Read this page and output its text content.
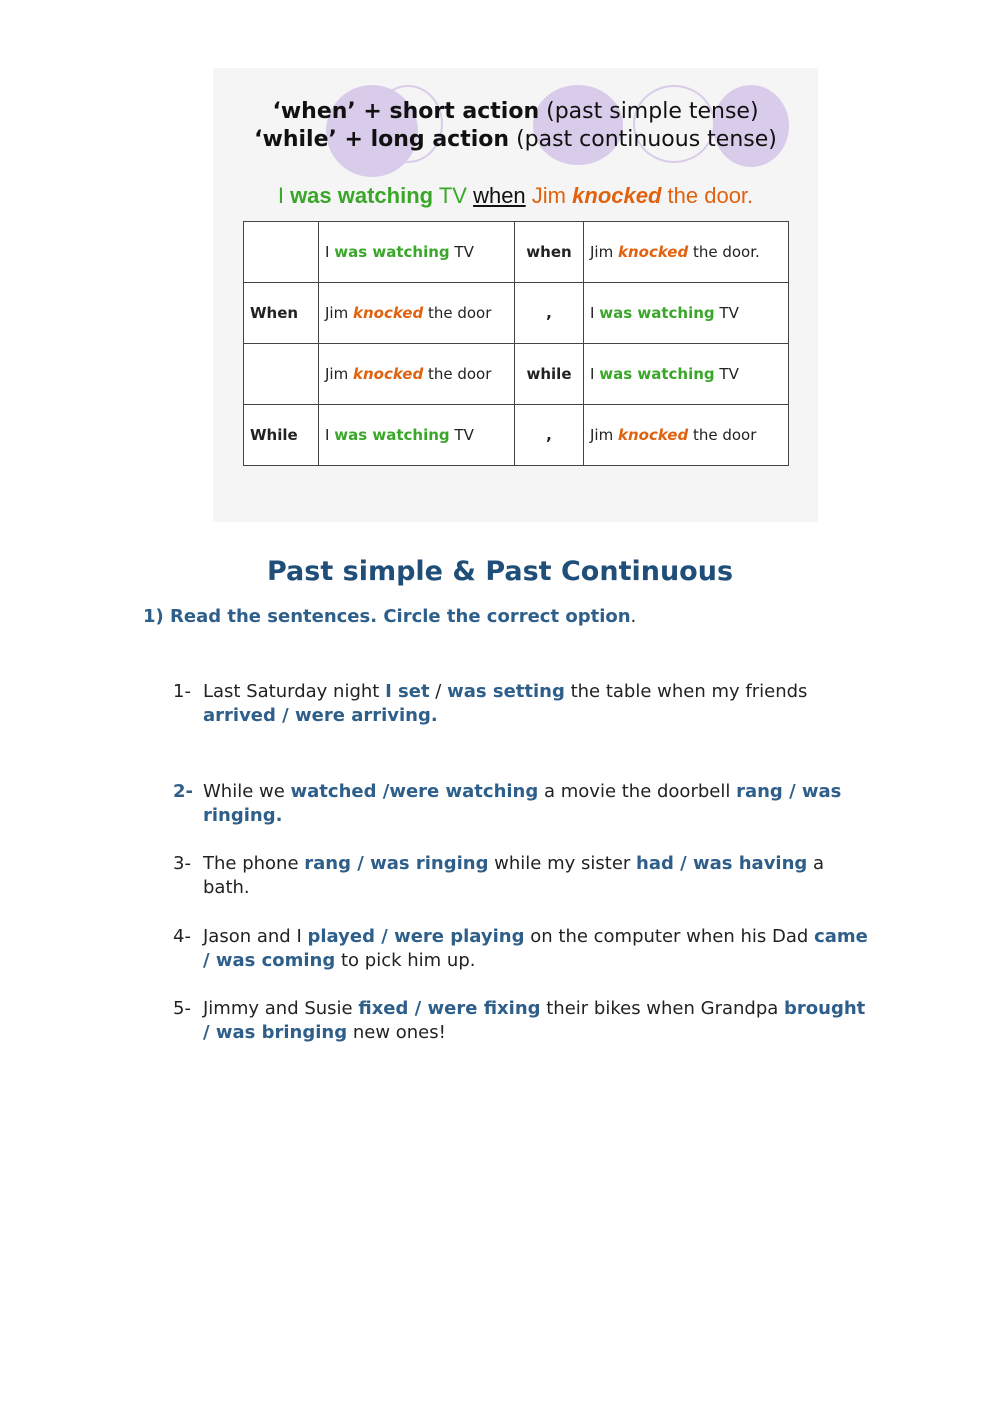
‘when’ + short action (past simple tense)
‘while’ + long action (past continuous tense)
I was watching TV when Jim knocked the door.
	I was watching TV	when	Jim knocked the door.
When	Jim knocked the door	,	I was watching TV
	Jim knocked the door	while	I was watching TV
While	I was watching TV	,	Jim knocked the door
Past simple & Past Continuous
1) Read the sentences. Circle the correct option.
1- Last Saturday night I set / was setting the table when my friends arrived / were arriving.
2- While we watched /were watching a movie the doorbell rang / was ringing.
3- The phone rang / was ringing while my sister had / was having a bath.
4- Jason and I played / were playing on the computer when his Dad came / was coming to pick him up.
5- Jimmy and Susie fixed / were fixing their bikes when Grandpa brought / was bringing new ones!
